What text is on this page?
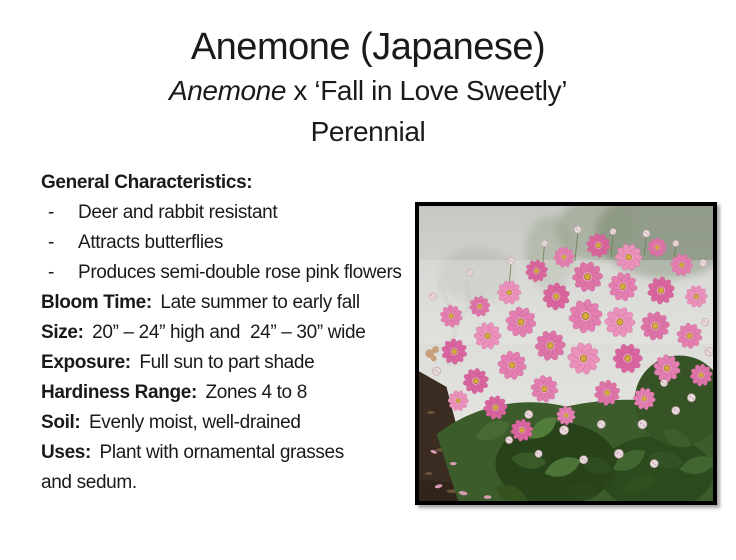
Anemone (Japanese)
Anemone x ‘Fall in Love Sweetly’
Perennial
General Characteristics:
- Deer and rabbit resistant
- Attracts butterflies
- Produces semi-double rose pink flowers
Bloom Time: Late summer to early fall
Size: 20” – 24” high and  24” – 30” wide
Exposure: Full sun to part shade
Hardiness Range: Zones 4 to 8
Soil: Evenly moist, well-drained
Uses: Plant with ornamental grasses
and sedum.
